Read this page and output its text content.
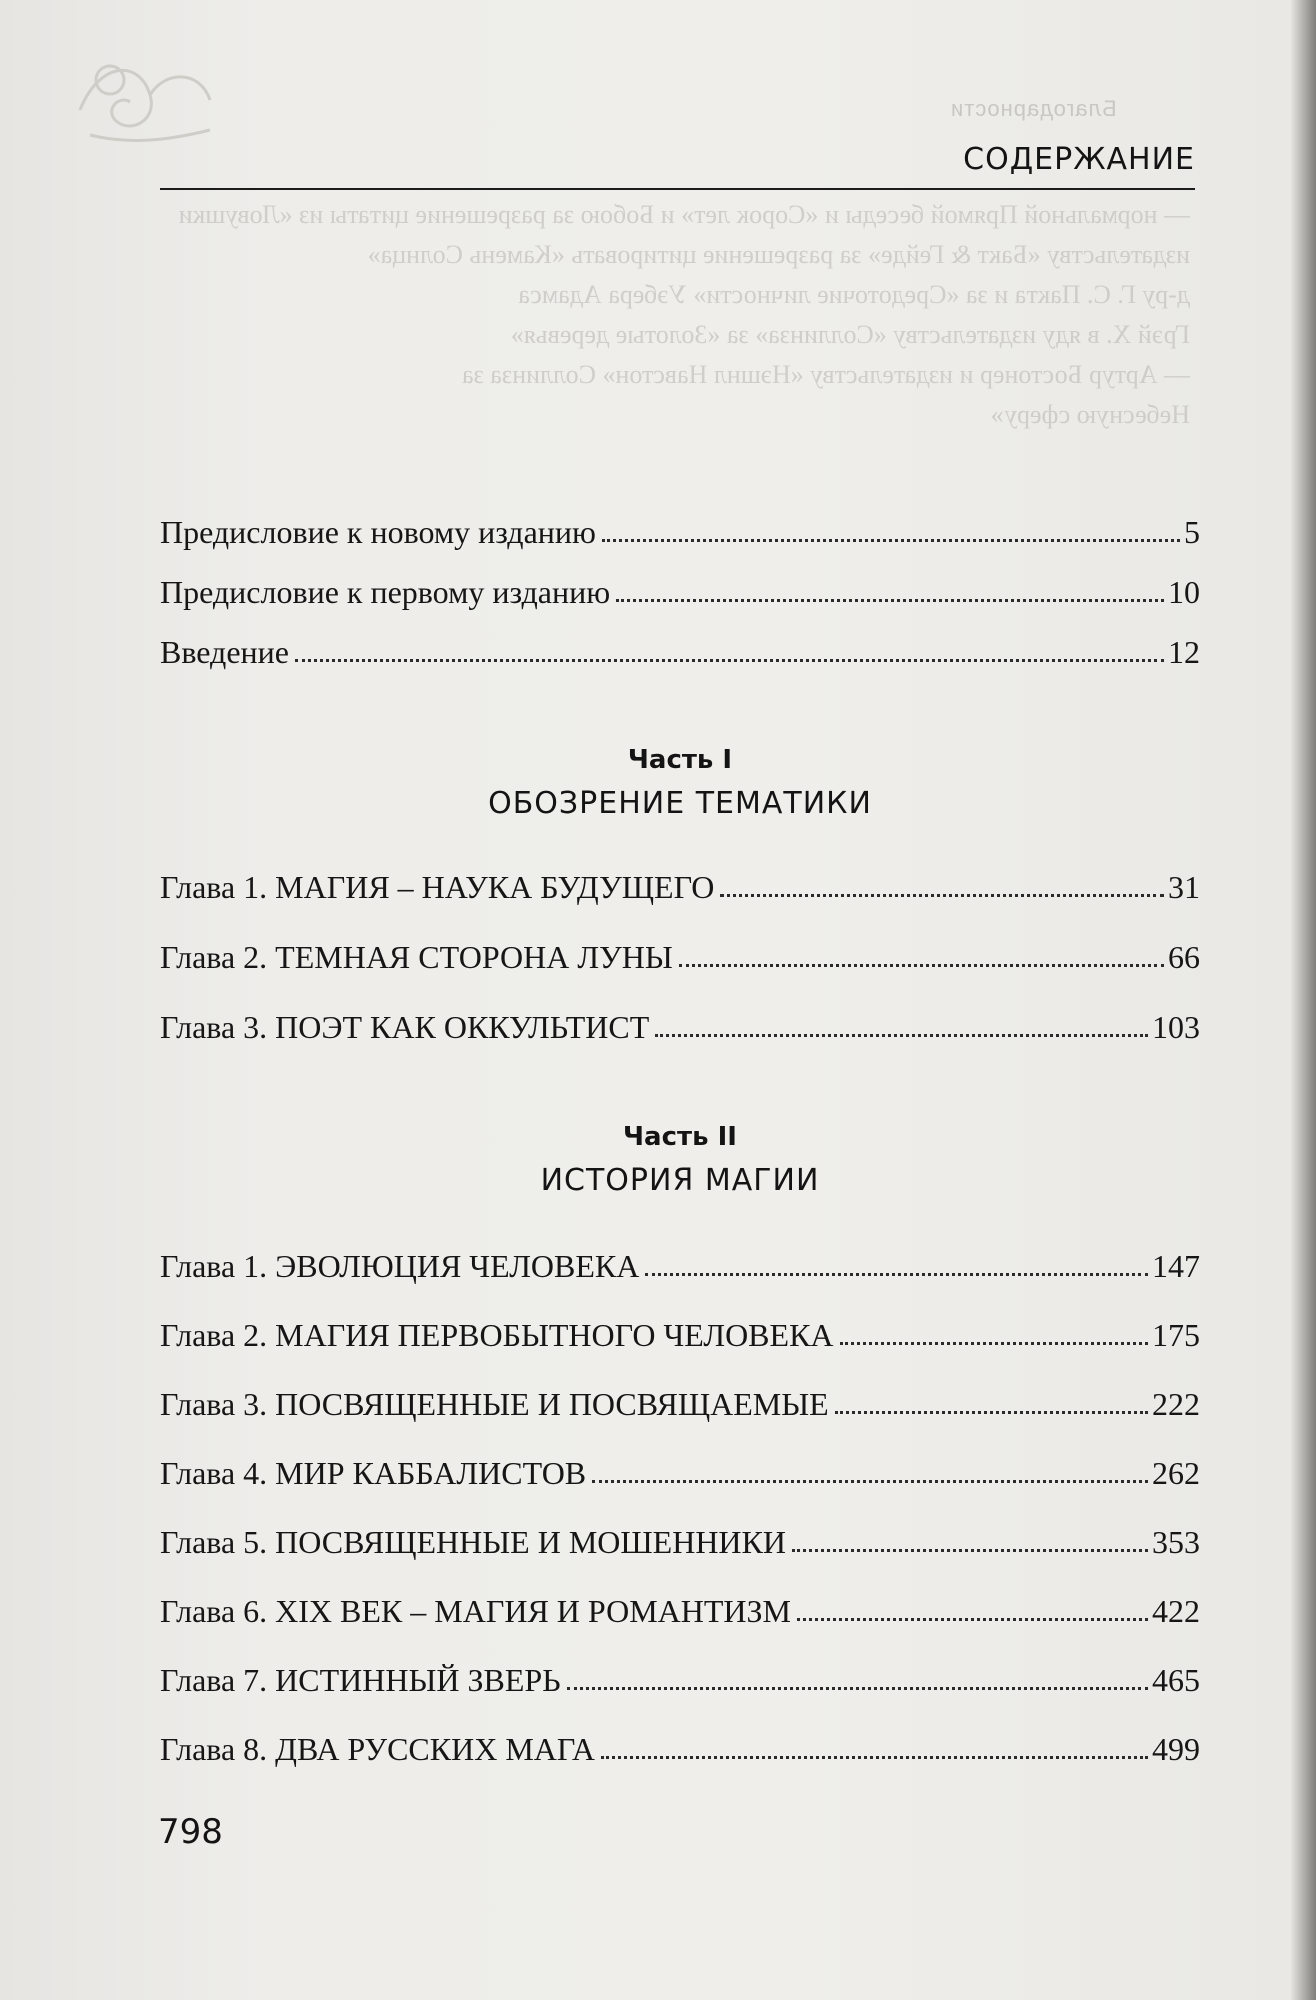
Благодарности
— нормальной Прямой беседы и «Сорок лет» и Бобою за разрешение цитаты из «Ловушки
издательству «Бакт & Гейде» за разрешение цитировать «Камень Солнца»
д-ру Г. С. Пакта и за «Средоточие личности» Уэбера Адамса
Грэй Х. в яду издательству «Соллинза» за «Золотые деревья»
— Артур Бостонер и издательству «Нэшнл Навстон» Соллинза за
Небесную сферу»
СОДЕРЖАНИЕ
Предисловие к новому изданию	5
Предисловие к первому изданию	10
Введение	12
Часть I
ОБОЗРЕНИЕ ТЕМАТИКИ
Глава 1. МАГИЯ – НАУКА БУДУЩЕГО	31
Глава 2. ТЕМНАЯ СТОРОНА ЛУНЫ	66
Глава 3. ПОЭТ КАК ОККУЛЬТИСТ	103
Часть II
ИСТОРИЯ МАГИИ
Глава 1. ЭВОЛЮЦИЯ ЧЕЛОВЕКА	147
Глава 2. МАГИЯ ПЕРВОБЫТНОГО ЧЕЛОВЕКА	175
Глава 3. ПОСВЯЩЕННЫЕ И ПОСВЯЩАЕМЫЕ	222
Глава 4. МИР КАББАЛИСТОВ	262
Глава 5. ПОСВЯЩЕННЫЕ И МОШЕННИКИ	353
Глава 6. XIX ВЕК – МАГИЯ И РОМАНТИЗМ	422
Глава 7. ИСТИННЫЙ ЗВЕРЬ	465
Глава 8. ДВА РУССКИХ МАГА	499
798
